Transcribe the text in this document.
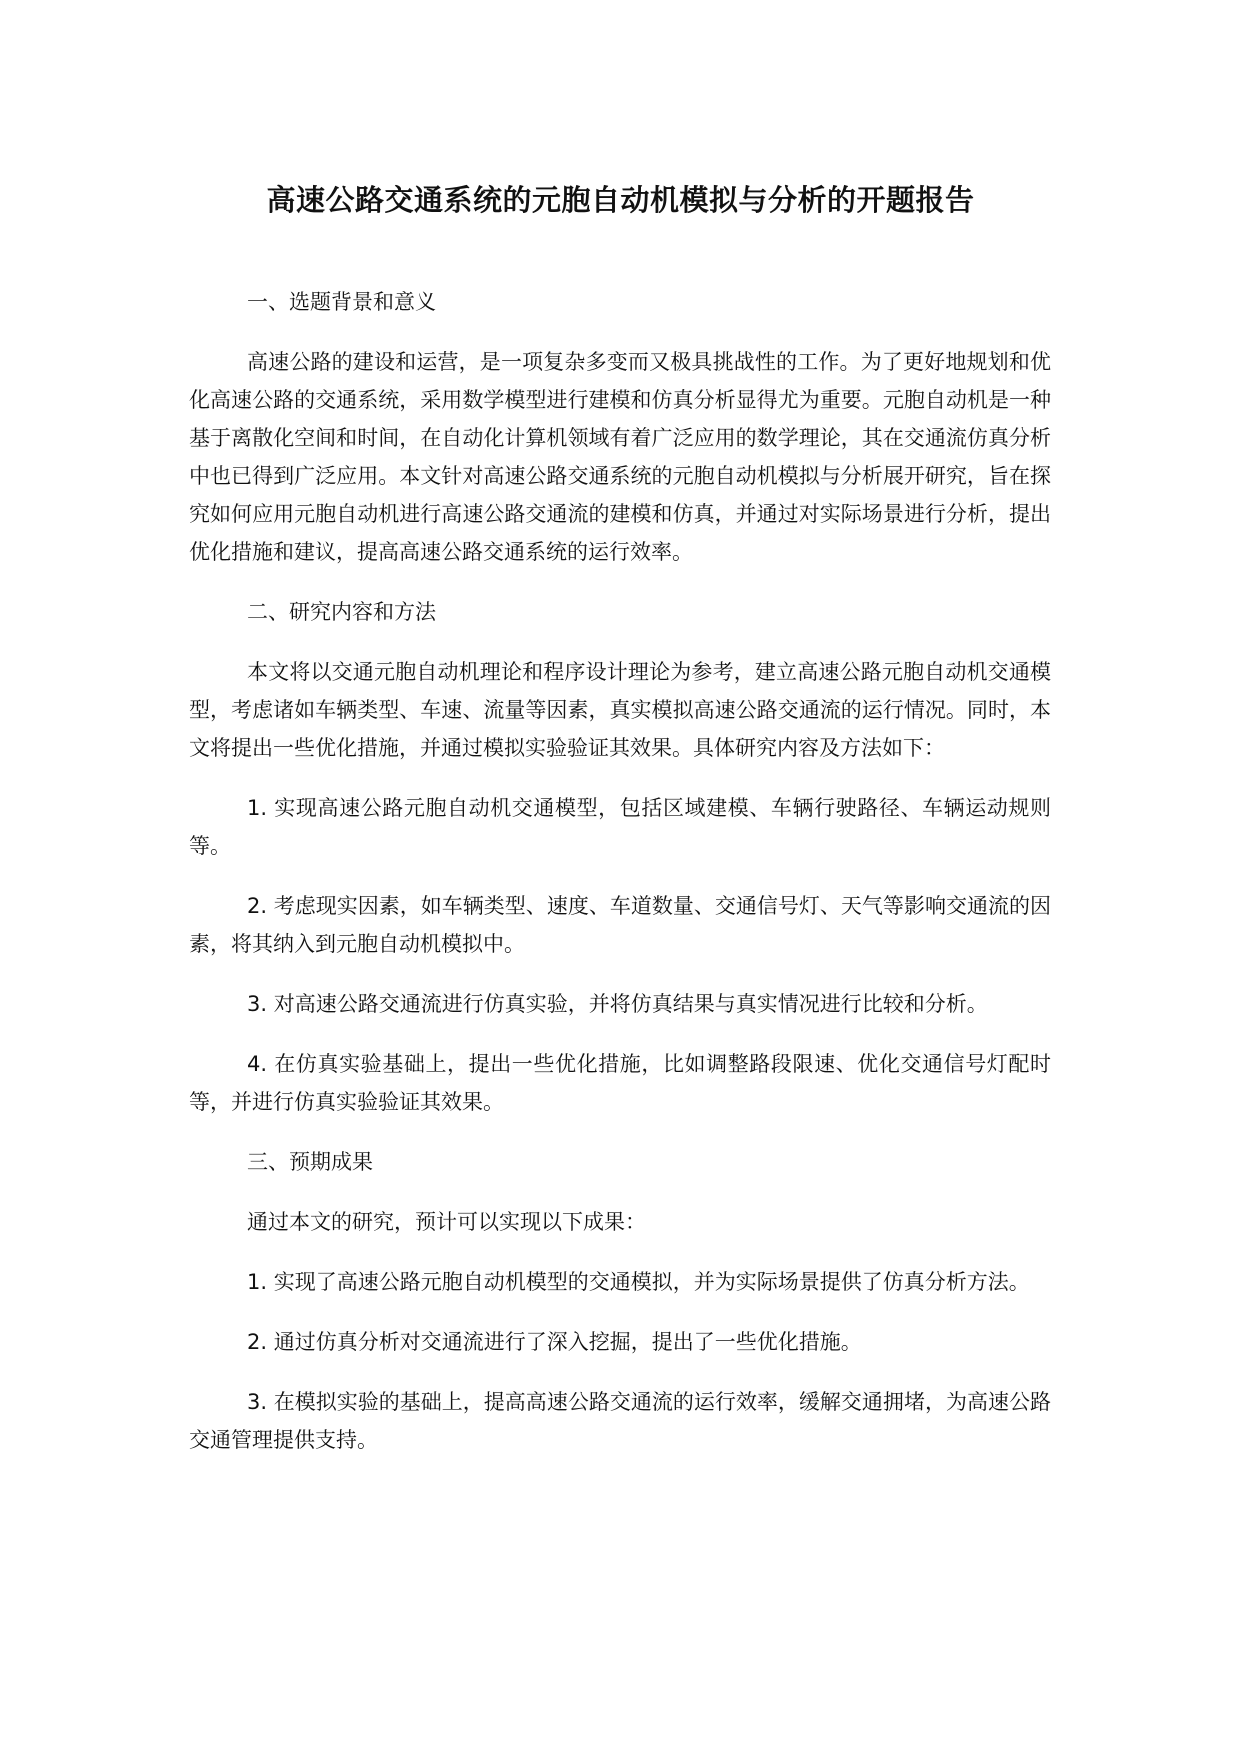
高速公路交通系统的元胞自动机模拟与分析的开题报告

一、选题背景和意义

高速公路的建设和运营，是一项复杂多变而又极具挑战性的工作。为了更好地规划和优化高速公路的交通系统，采用数学模型进行建模和仿真分析显得尤为重要。元胞自动机是一种基于离散化空间和时间，在自动化计算机领域有着广泛应用的数学理论，其在交通流仿真分析中也已得到广泛应用。本文针对高速公路交通系统的元胞自动机模拟与分析展开研究，旨在探究如何应用元胞自动机进行高速公路交通流的建模和仿真，并通过对实际场景进行分析，提出优化措施和建议，提高高速公路交通系统的运行效率。

二、研究内容和方法

本文将以交通元胞自动机理论和程序设计理论为参考，建立高速公路元胞自动机交通模型，考虑诸如车辆类型、车速、流量等因素，真实模拟高速公路交通流的运行情况。同时，本文将提出一些优化措施，并通过模拟实验验证其效果。具体研究内容及方法如下：

1. 实现高速公路元胞自动机交通模型，包括区域建模、车辆行驶路径、车辆运动规则等。

2. 考虑现实因素，如车辆类型、速度、车道数量、交通信号灯、天气等影响交通流的因素，将其纳入到元胞自动机模拟中。

3. 对高速公路交通流进行仿真实验，并将仿真结果与真实情况进行比较和分析。

4. 在仿真实验基础上，提出一些优化措施，比如调整路段限速、优化交通信号灯配时等，并进行仿真实验验证其效果。

三、预期成果

通过本文的研究，预计可以实现以下成果：

1. 实现了高速公路元胞自动机模型的交通模拟，并为实际场景提供了仿真分析方法。

2. 通过仿真分析对交通流进行了深入挖掘，提出了一些优化措施。

3. 在模拟实验的基础上，提高高速公路交通流的运行效率，缓解交通拥堵，为高速公路交通管理提供支持。
